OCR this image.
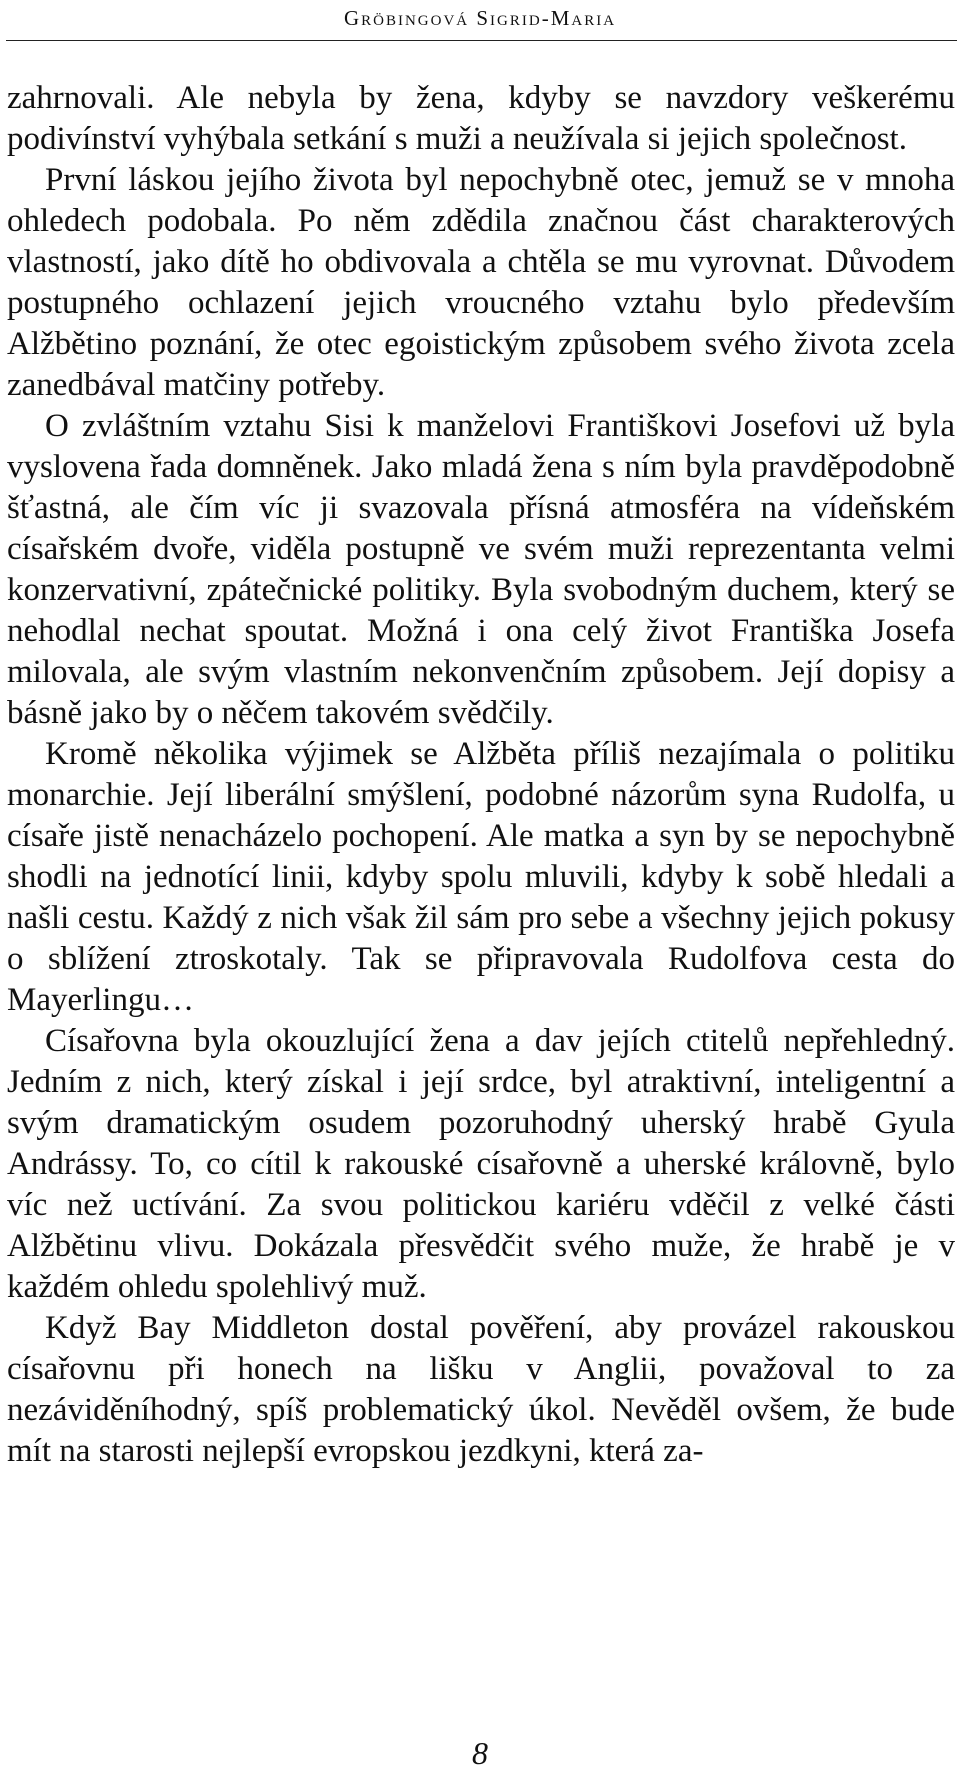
Gröbingová Sigrid-Maria

zahrnovali. Ale nebyla by žena, kdyby se navzdory veškerému podivínství vyhýbala setkání s muži a neužívala si jejich společnost.

První láskou jejího života byl nepochybně otec, jemuž se v mnoha ohledech podobala. Po něm zdědila značnou část charakterových vlastností, jako dítě ho obdivovala a chtěla se mu vyrovnat. Důvodem postupného ochlazení jejich vroucného vztahu bylo především Alžbětino poznání, že otec egoistickým způsobem svého života zcela zanedbával matčiny potřeby.

O zvláštním vztahu Sisi k manželovi Františkovi Josefovi už byla vyslovena řada domněnek. Jako mladá žena s ním byla pravděpodobně šťastná, ale čím víc ji svazovala přísná atmosféra na vídeňském císařském dvoře, viděla postupně ve svém muži reprezentanta velmi konzervativní, zpátečnické politiky. Byla svobodným duchem, který se nehodlal nechat spoutat. Možná i ona celý život Františka Josefa milovala, ale svým vlastním nekonvenčním způsobem. Její dopisy a básně jako by o něčem takovém svědčily.

Kromě několika výjimek se Alžběta příliš nezajímala o politiku monarchie. Její liberální smýšlení, podobné názorům syna Rudolfa, u císaře jistě nenacházelo pochopení. Ale matka a syn by se nepochybně shodli na jednotící linii, kdyby spolu mluvili, kdyby k sobě hledali a našli cestu. Každý z nich však žil sám pro sebe a všechny jejich pokusy o sblížení ztroskotaly. Tak se připravovala Rudolfova cesta do Mayerlingu…

Císařovna byla okouzlující žena a dav jejích ctitelů nepřehledný. Jedním z nich, který získal i její srdce, byl atraktivní, inteligentní a svým dramatickým osudem pozoruhodný uherský hrabě Gyula Andrássy. To, co cítil k rakouské císařovně a uherské královně, bylo víc než uctívání. Za svou politickou kariéru vděčil z velké části Alžbětinu vlivu. Dokázala přesvědčit svého muže, že hrabě je v každém ohledu spolehlivý muž.

Když Bay Middleton dostal pověření, aby provázel rakouskou císařovnu při honech na lišku v Anglii, považoval to za nezáviděníhodný, spíš problematický úkol. Nevěděl ovšem, že bude mít na starosti nejlepší evropskou jezdkyni, která za-

8
